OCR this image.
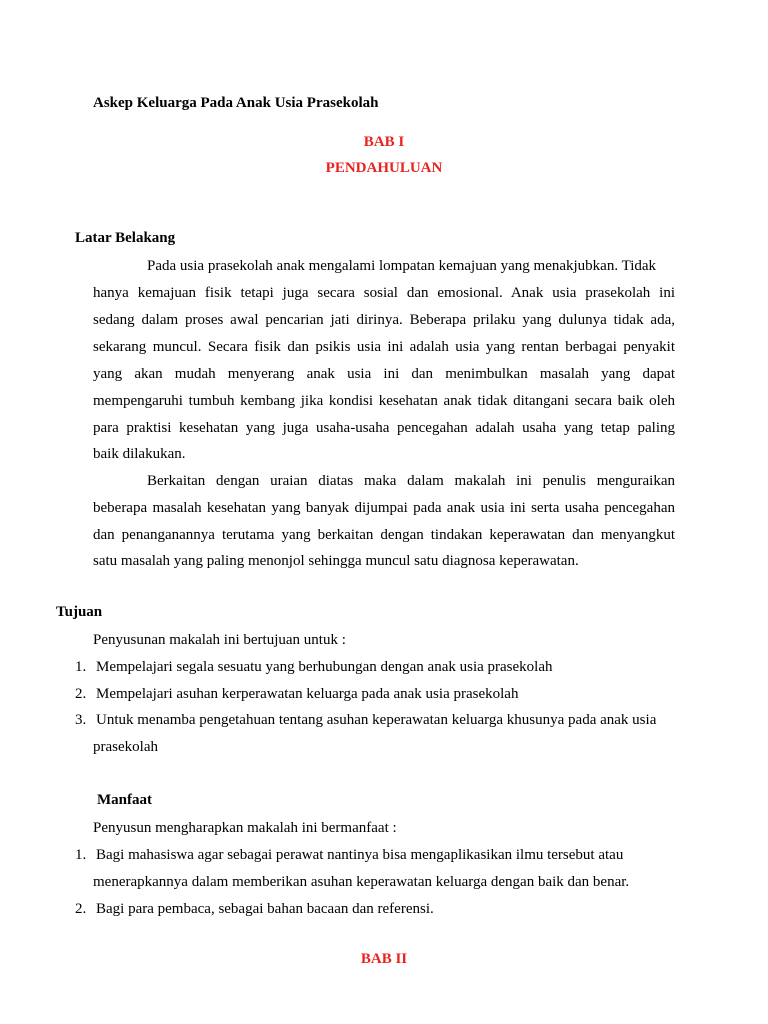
Askep Keluarga Pada Anak Usia Prasekolah
BAB I
PENDAHULUAN
Latar Belakang
Pada usia prasekolah anak mengalami lompatan kemajuan yang menakjubkan. Tidak
hanya kemajuan fisik tetapi juga secara sosial dan emosional. Anak usia prasekolah ini
sedang dalam proses awal pencarian jati dirinya. Beberapa prilaku yang dulunya tidak ada,
sekarang muncul. Secara fisik dan psikis usia ini adalah usia yang rentan berbagai penyakit
yang akan mudah menyerang anak usia ini dan menimbulkan masalah yang dapat
mempengaruhi tumbuh kembang jika kondisi kesehatan anak tidak ditangani secara baik oleh
para praktisi kesehatan yang juga usaha-usaha pencegahan adalah usaha yang tetap paling
baik dilakukan.
Berkaitan dengan uraian diatas maka dalam makalah ini penulis menguraikan
beberapa masalah kesehatan yang banyak dijumpai pada anak usia ini serta usaha pencegahan
dan penanganannya terutama yang berkaitan dengan tindakan keperawatan dan menyangkut
satu masalah yang paling menonjol sehingga muncul satu diagnosa keperawatan.
Tujuan
Penyusunan makalah ini bertujuan untuk :
1. Mempelajari segala sesuatu yang berhubungan dengan anak usia prasekolah
2. Mempelajari asuhan kerperawatan keluarga pada anak usia prasekolah
3. Untuk menamba pengetahuan tentang asuhan keperawatan keluarga khusunya pada anak usia
prasekolah
Manfaat
Penyusun mengharapkan makalah ini bermanfaat :
1. Bagi mahasiswa agar sebagai perawat nantinya bisa mengaplikasikan ilmu tersebut atau
menerapkannya dalam memberikan asuhan keperawatan keluarga dengan baik dan benar.
2. Bagi para pembaca, sebagai bahan bacaan dan referensi.
BAB II
